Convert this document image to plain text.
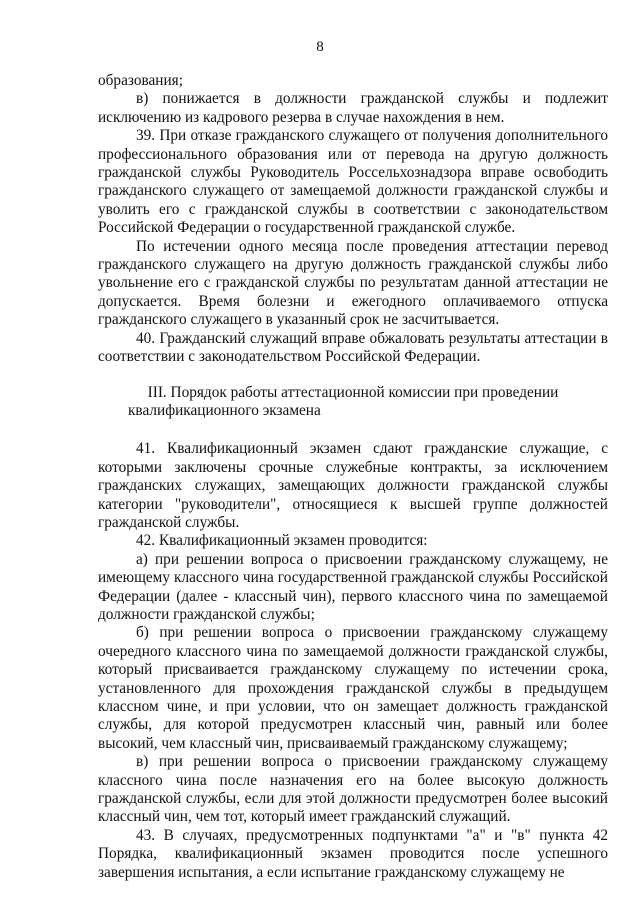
8

образования;

в) понижается в должности гражданской службы и подлежит исключению из кадрового резерва в случае нахождения в нем.

39. При отказе гражданского служащего от получения дополнительного профессионального образования или от перевода на другую должность гражданской службы Руководитель Россельхознадзора вправе освободить гражданского служащего от замещаемой должности гражданской службы и уволить его с гражданской службы в соответствии с законодательством Российской Федерации о государственной гражданской службе.

По истечении одного месяца после проведения аттестации перевод гражданского служащего на другую должность гражданской службы либо увольнение его с гражданской службы по результатам данной аттестации не допускается. Время болезни и ежегодного оплачиваемого отпуска гражданского служащего в указанный срок не засчитывается.

40. Гражданский служащий вправе обжаловать результаты аттестации в соответствии с законодательством Российской Федерации.

III. Порядок работы аттестационной комиссии при проведении квалификационного экзамена

41. Квалификационный экзамен сдают гражданские служащие, с которыми заключены срочные служебные контракты, за исключением гражданских служащих, замещающих должности гражданской службы категории "руководители", относящиеся к высшей группе должностей гражданской службы.

42. Квалификационный экзамен проводится:

а) при решении вопроса о присвоении гражданскому служащему, не имеющему классного чина государственной гражданской службы Российской Федерации (далее - классный чин), первого классного чина по замещаемой должности гражданской службы;

б) при решении вопроса о присвоении гражданскому служащему очередного классного чина по замещаемой должности гражданской службы, который присваивается гражданскому служащему по истечении срока, установленного для прохождения гражданской службы в предыдущем классном чине, и при условии, что он замещает должность гражданской службы, для которой предусмотрен классный чин, равный или более высокий, чем классный чин, присваиваемый гражданскому служащему;

в) при решении вопроса о присвоении гражданскому служащему классного чина после назначения его на более высокую должность гражданской службы, если для этой должности предусмотрен более высокий классный чин, чем тот, который имеет гражданский служащий.

43. В случаях, предусмотренных подпунктами "а" и "в" пункта 42 Порядка, квалификационный экзамен проводится после успешного завершения испытания, а если испытание гражданскому служащему не
